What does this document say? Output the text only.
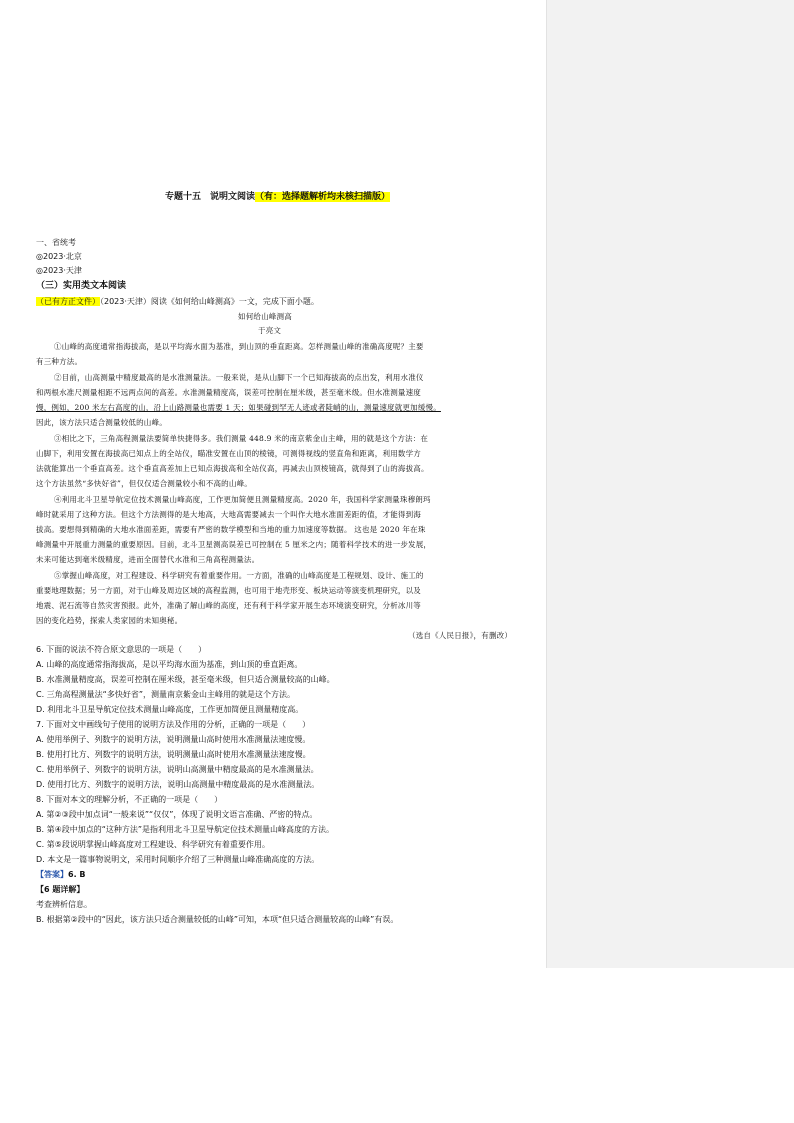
专题十五　说明文阅读（有：选择题解析均未核扫描版）
一、省统考
◎2023·北京
◎2023·天津
（三）实用类文本阅读
（已有方正文件）（2023·天津）阅读《如何给山峰测高》一文，完成下面小题。
如何给山峰测高
于亮文
①山峰的高度通常指海拔高，是以平均海水面为基准，到山顶的垂直距离。怎样测量山峰的准确高度呢？主要
有三种方法。
②目前，山高测量中精度最高的是水准测量法。一般来说，是从山脚下一个已知海拔高的点出发，利用水准仪
和两根水准尺测量相距不远两点间的高差。水准测量精度高，误差可控制在厘米级，甚至毫米级。但水准测量速度
慢，例如，200 米左右高度的山，沿上山路测量也需要 1 天；如果碰到罕无人迹或者陡峭的山，测量速度就更加缓慢。
因此，该方法只适合测量较低的山峰。
③相比之下，三角高程测量法要简单快捷得多。我们测量 448.9 米的南京紫金山主峰，用的就是这个方法：在
山脚下，利用安置在海拔高已知点上的全站仪，瞄准安置在山顶的棱镜，可测得视线的竖直角和距离，利用数学方
法就能算出一个垂直高差。这个垂直高差加上已知点海拔高和全站仪高，再减去山顶棱镜高，就得到了山的海拔高。
这个方法虽然“多快好省”，但仅仅适合测量较小和不高的山峰。
④利用北斗卫星导航定位技术测量山峰高度，工作更加简便且测量精度高。2020 年，我国科学家测量珠穆朗玛
峰时就采用了这种方法。但这个方法测得的是大地高，大地高需要减去一个叫作大地水准面差距的值，才能得到海
拔高。要想得到精确的大地水准面差距，需要有严密的数学模型和当地的重力加速度等数据。 这也是 2020 年在珠
峰测量中开展重力测量的重要原因。目前，北斗卫星测高误差已可控制在 5 厘米之内；随着科学技术的进一步发展，
未来可能达到毫米级精度，进而全面替代水准和三角高程测量法。
⑤掌握山峰高度，对工程建设、科学研究有着重要作用。一方面，准确的山峰高度是工程规划、设计、施工的
重要地理数据；另一方面，对于山峰及周边区域的高程监测，也可用于地壳形变、板块运动等演变机理研究，以及
地震、泥石流等自然灾害预报。此外，准确了解山峰的高度，还有利于科学家开展生态环境演变研究，分析冰川等
因的变化趋势，探索人类家园的未知奥秘。
（选自《人民日报》，有删改）
6. 下面的说法不符合原文意思的一项是（　　）
A. 山峰的高度通常指海拔高，是以平均海水面为基准，到山顶的垂直距离。
B. 水准测量精度高，误差可控制在厘米级，甚至毫米级，但只适合测量较高的山峰。
C. 三角高程测量法“多快好省”，测量南京紫金山主峰用的就是这个方法。
D. 利用北斗卫星导航定位技术测量山峰高度，工作更加简便且测量精度高。
7. 下面对文中画线句子使用的说明方法及作用的分析，正确的一项是（　　）
A. 使用举例子、列数字的说明方法，说明测量山高时使用水准测量法速度慢。
B. 使用打比方、列数字的说明方法，说明测量山高时使用水准测量法速度慢。
C. 使用举例子、列数字的说明方法，说明山高测量中精度最高的是水准测量法。
D. 使用打比方、列数字的说明方法，说明山高测量中精度最高的是水准测量法。
8. 下面对本文的理解分析，不正确的一项是（　　）
A. 第②③段中加点词“一般来说”“仅仅”，体现了说明文语言准确、严密的特点。
B. 第④段中加点的“这种方法”是指利用北斗卫星导航定位技术测量山峰高度的方法。
C. 第⑤段说明掌握山峰高度对工程建设、科学研究有着重要作用。
D. 本文是一篇事物说明文，采用时间顺序介绍了三种测量山峰准确高度的方法。
【答案】6. B
【6 题详解】
考查辨析信息。
B. 根据第②段中的“因此，该方法只适合测量较低的山峰”可知，本项“但只适合测量较高的山峰”有误。
